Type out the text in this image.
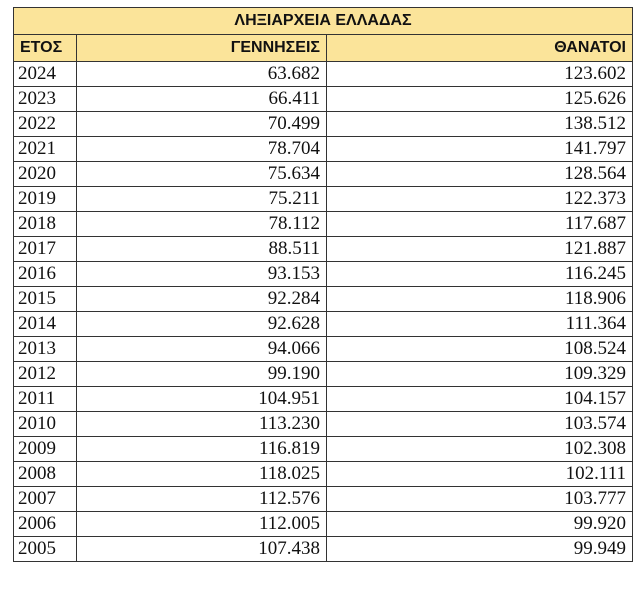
ΛΗΞΙΑΡΧΕΙΑ ΕΛΛΑΔΑΣ		
ΕΤΟΣ	ΓΕΝΝΗΣΕΙΣ	ΘΑΝΑΤΟΙ
2024	63.682	123.602
2023	66.411	125.626
2022	70.499	138.512
2021	78.704	141.797
2020	75.634	128.564
2019	75.211	122.373
2018	78.112	117.687
2017	88.511	121.887
2016	93.153	116.245
2015	92.284	118.906
2014	92.628	111.364
2013	94.066	108.524
2012	99.190	109.329
2011	104.951	104.157
2010	113.230	103.574
2009	116.819	102.308
2008	118.025	102.111
2007	112.576	103.777
2006	112.005	99.920
2005	107.438	99.949
